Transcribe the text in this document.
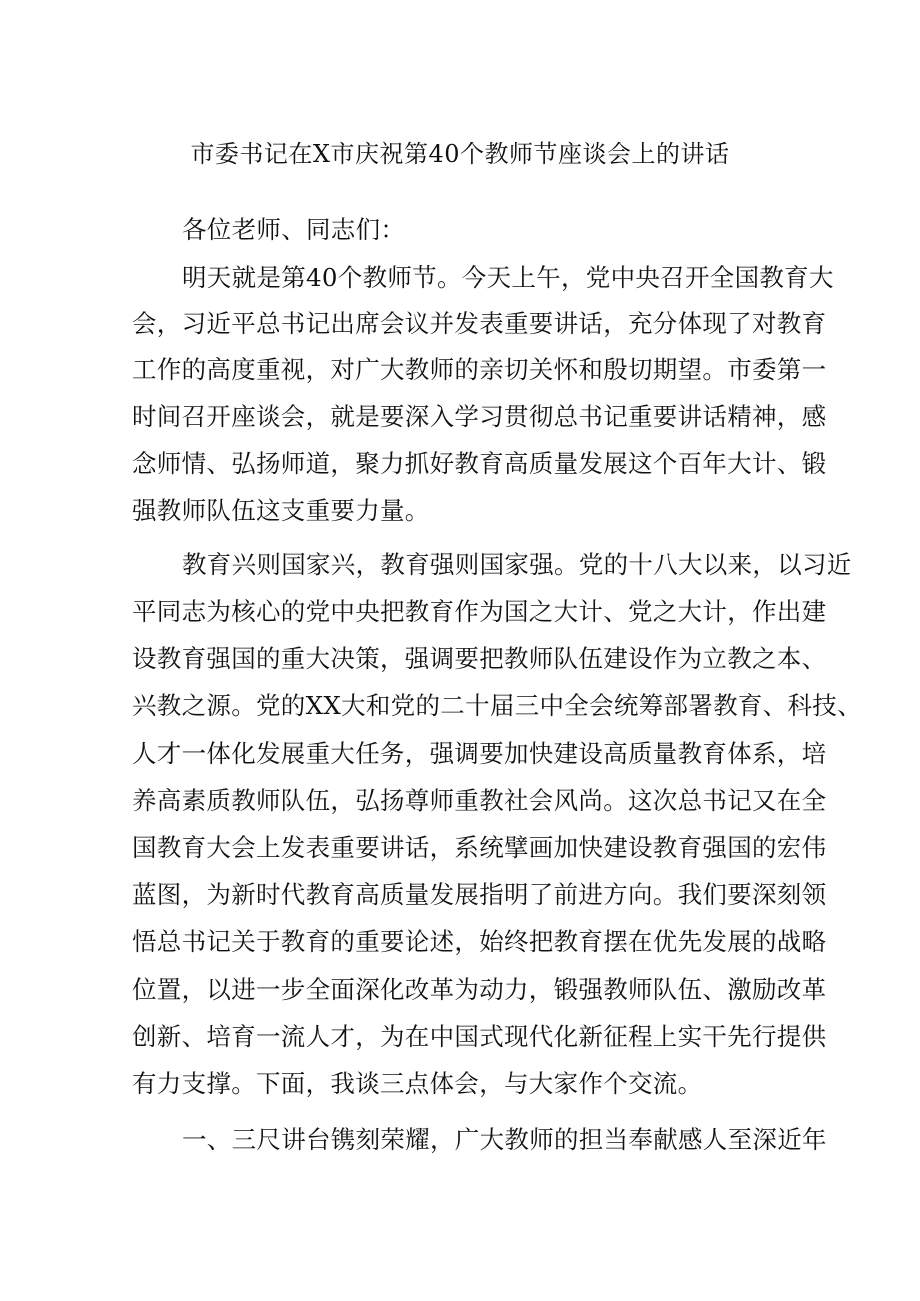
市委书记在X市庆祝第40个教师节座谈会上的讲话
各位老师、同志们：
明天就是第40个教师节。今天上午，党中央召开全国教育大
会，习近平总书记出席会议并发表重要讲话，充分体现了对教育
工作的高度重视，对广大教师的亲切关怀和殷切期望。市委第一
时间召开座谈会，就是要深入学习贯彻总书记重要讲话精神，感
念师情、弘扬师道，聚力抓好教育高质量发展这个百年大计、锻
强教师队伍这支重要力量。
教育兴则国家兴，教育强则国家强。党的十八大以来，以习近
平同志为核心的党中央把教育作为国之大计、党之大计，作出建
设教育强国的重大决策，强调要把教师队伍建设作为立教之本、
兴教之源。党的XX大和党的二十届三中全会统筹部署教育、科技、
人才一体化发展重大任务，强调要加快建设高质量教育体系，培
养高素质教师队伍，弘扬尊师重教社会风尚。这次总书记又在全
国教育大会上发表重要讲话，系统擘画加快建设教育强国的宏伟
蓝图，为新时代教育高质量发展指明了前进方向。我们要深刻领
悟总书记关于教育的重要论述，始终把教育摆在优先发展的战略
位置，以进一步全面深化改革为动力，锻强教师队伍、激励改革
创新、培育一流人才，为在中国式现代化新征程上实干先行提供
有力支撑。下面，我谈三点体会，与大家作个交流。
一、三尺讲台镌刻荣耀，广大教师的担当奉献感人至深近年
